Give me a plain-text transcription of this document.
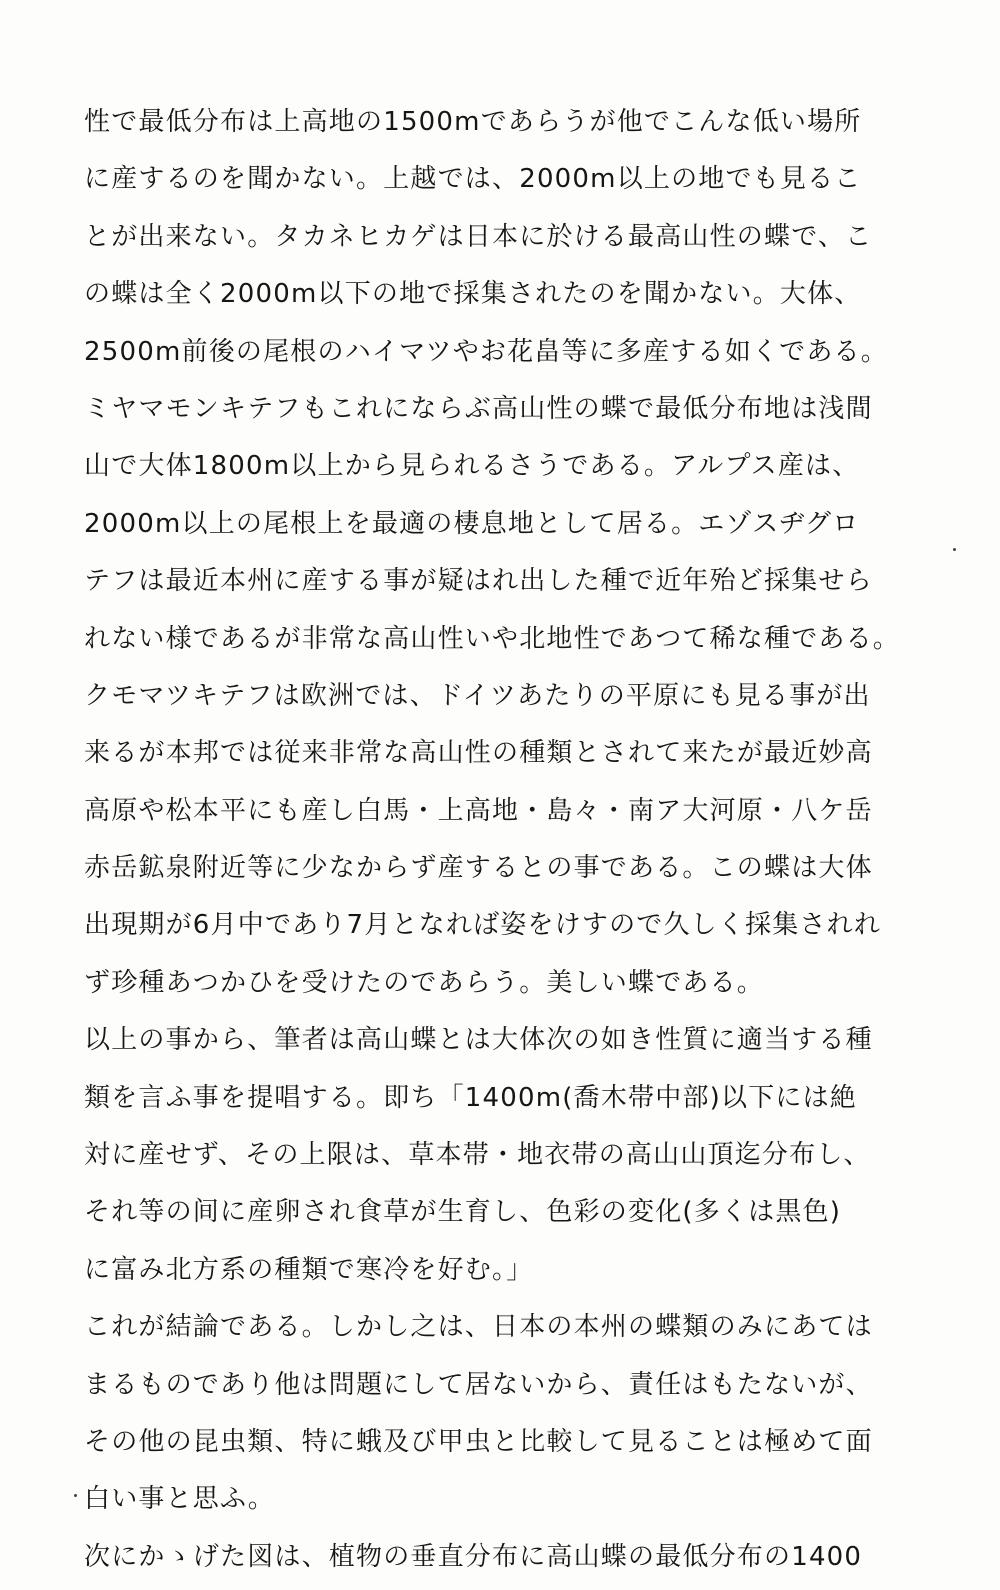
性で最低分布は上高地の1500mであらうが他でこんな低い場所
に産するのを聞かない。上越では、2000m以上の地でも見るこ
とが出来ない。タカネヒカゲは日本に於ける最高山性の蝶で、こ
の蝶は全く2000m以下の地で採集されたのを聞かない。大体、
2500m前後の尾根のハイマツやお花畠等に多産する如くである。
ミヤマモンキテフもこれにならぶ高山性の蝶で最低分布地は浅間
山で大体1800m以上から見られるさうである。アルプス産は、
2000m以上の尾根上を最適の棲息地として居る。エゾスヂグロ
テフは最近本州に産する事が疑はれ出した種で近年殆ど採集せら
れない様であるが非常な高山性いや北地性であつて稀な種である。
クモマツキテフは欧洲では、ドイツあたりの平原にも見る事が出
来るが本邦では従来非常な高山性の種類とされて来たが最近妙高
高原や松本平にも産し白馬・上高地・島々・南ア大河原・八ケ岳
赤岳鉱泉附近等に少なからず産するとの事である。この蝶は大体
出現期が6月中であり7月となれば姿をけすので久しく採集されれ
ず珍種あつかひを受けたのであらう。美しい蝶である。
以上の事から、筆者は高山蝶とは大体次の如き性質に適当する種
類を言ふ事を提唱する。即ち「1400m(喬木帯中部)以下には絶
対に産せず、その上限は、草本帯・地衣帯の高山山頂迄分布し、
それ等の间に産卵され食草が生育し、色彩の変化(多くは黒色)
に富み北方系の種類で寒冷を好む。」
これが結論である。しかし之は、日本の本州の蝶類のみにあては
まるものであり他は問題にして居ないから、責任はもたないが、
その他の昆虫類、特に蛾及び甲虫と比較して見ることは極めて面
白い事と思ふ。
次にかゝげた図は、植物の垂直分布に高山蝶の最低分布の1400
